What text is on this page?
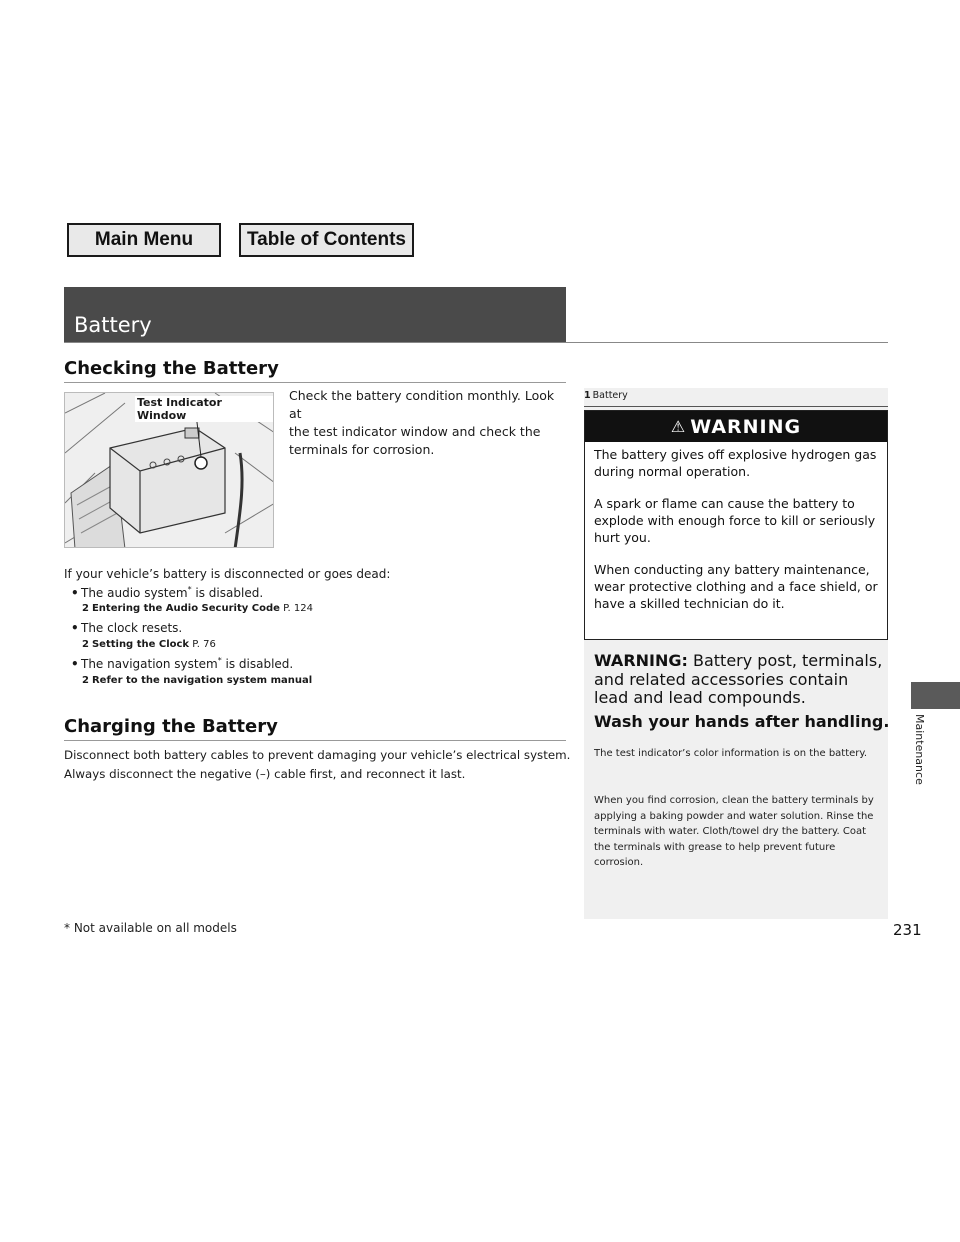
Main Menu	Table of Contents
Battery
Checking the Battery
Test Indicator Window
Check the battery condition monthly. Look at
the test indicator window and check the
terminals for corrosion.
If your vehicle’s battery is disconnected or goes dead:
• The audio system* is disabled.
2 Entering the Audio Security Code P. 124
• The clock resets.
2 Setting the Clock P. 76
• The navigation system* is disabled.
2 Refer to the navigation system manual
Charging the Battery
Disconnect both battery cables to prevent damaging your vehicle’s electrical system.
Always disconnect the negative (–) cable first, and reconnect it last.
1 Battery
⚠ WARNING
The battery gives off explosive hydrogen gas during normal operation.
A spark or flame can cause the battery to explode with enough force to kill or seriously hurt you.
When conducting any battery maintenance, wear protective clothing and a face shield, or have a skilled technician do it.
WARNING: Battery post, terminals, and related accessories contain lead and lead compounds.
Wash your hands after handling.
The test indicator’s color information is on the battery.
When you find corrosion, clean the battery terminals by applying a baking powder and water solution. Rinse the terminals with water. Cloth/towel dry the battery. Coat the terminals with grease to help prevent future corrosion.
Maintenance
* Not available on all models	231
